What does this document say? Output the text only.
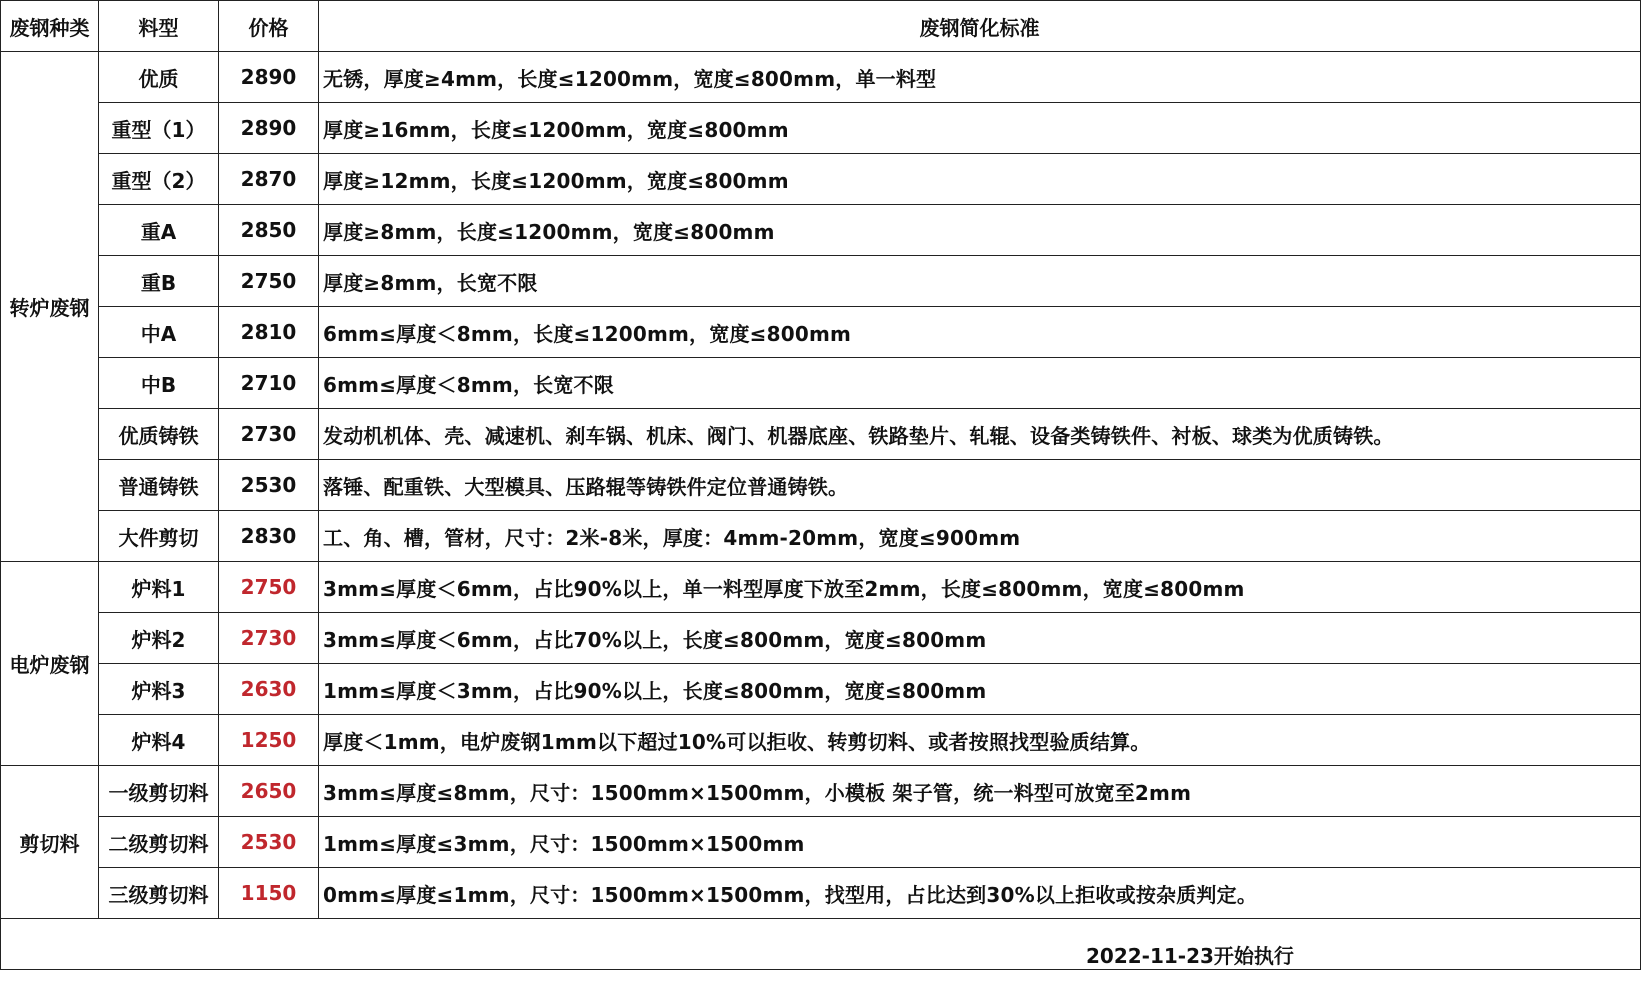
废钢种类	料型	价格	废钢简化标准
转炉废钢	优质	2890	无锈，厚度≥4mm，长度≤1200mm，宽度≤800mm，单一料型
	重型（1）	2890	厚度≥16mm，长度≤1200mm，宽度≤800mm
	重型（2）	2870	厚度≥12mm，长度≤1200mm，宽度≤800mm
	重A	2850	厚度≥8mm，长度≤1200mm，宽度≤800mm
	重B	2750	厚度≥8mm，长宽不限
	中A	2810	6mm≤厚度＜8mm，长度≤1200mm，宽度≤800mm
	中B	2710	6mm≤厚度＜8mm，长宽不限
	优质铸铁	2730	发动机机体、壳、减速机、刹车锅、机床、阀门、机器底座、铁路垫片、轧辊、设备类铸铁件、衬板、球类为优质铸铁。
	普通铸铁	2530	落锤、配重铁、大型模具、压路辊等铸铁件定位普通铸铁。
	大件剪切	2830	工、角、槽，管材，尺寸：2米-8米，厚度：4mm-20mm，宽度≤900mm
电炉废钢	炉料1	2750	3mm≤厚度＜6mm，占比90%以上，单一料型厚度下放至2mm，长度≤800mm，宽度≤800mm
	炉料2	2730	3mm≤厚度＜6mm，占比70%以上，长度≤800mm，宽度≤800mm
	炉料3	2630	1mm≤厚度＜3mm，占比90%以上，长度≤800mm，宽度≤800mm
	炉料4	1250	厚度＜1mm，电炉废钢1mm以下超过10%可以拒收、转剪切料、或者按照找型验质结算。
剪切料	一级剪切料	2650	3mm≤厚度≤8mm，尺寸：1500mm×1500mm，小模板 架子管，统一料型可放宽至2mm
	二级剪切料	2530	1mm≤厚度≤3mm，尺寸：1500mm×1500mm
	三级剪切料	1150	0mm≤厚度≤1mm，尺寸：1500mm×1500mm，找型用，占比达到30%以上拒收或按杂质判定。

2022-11-23开始执行
